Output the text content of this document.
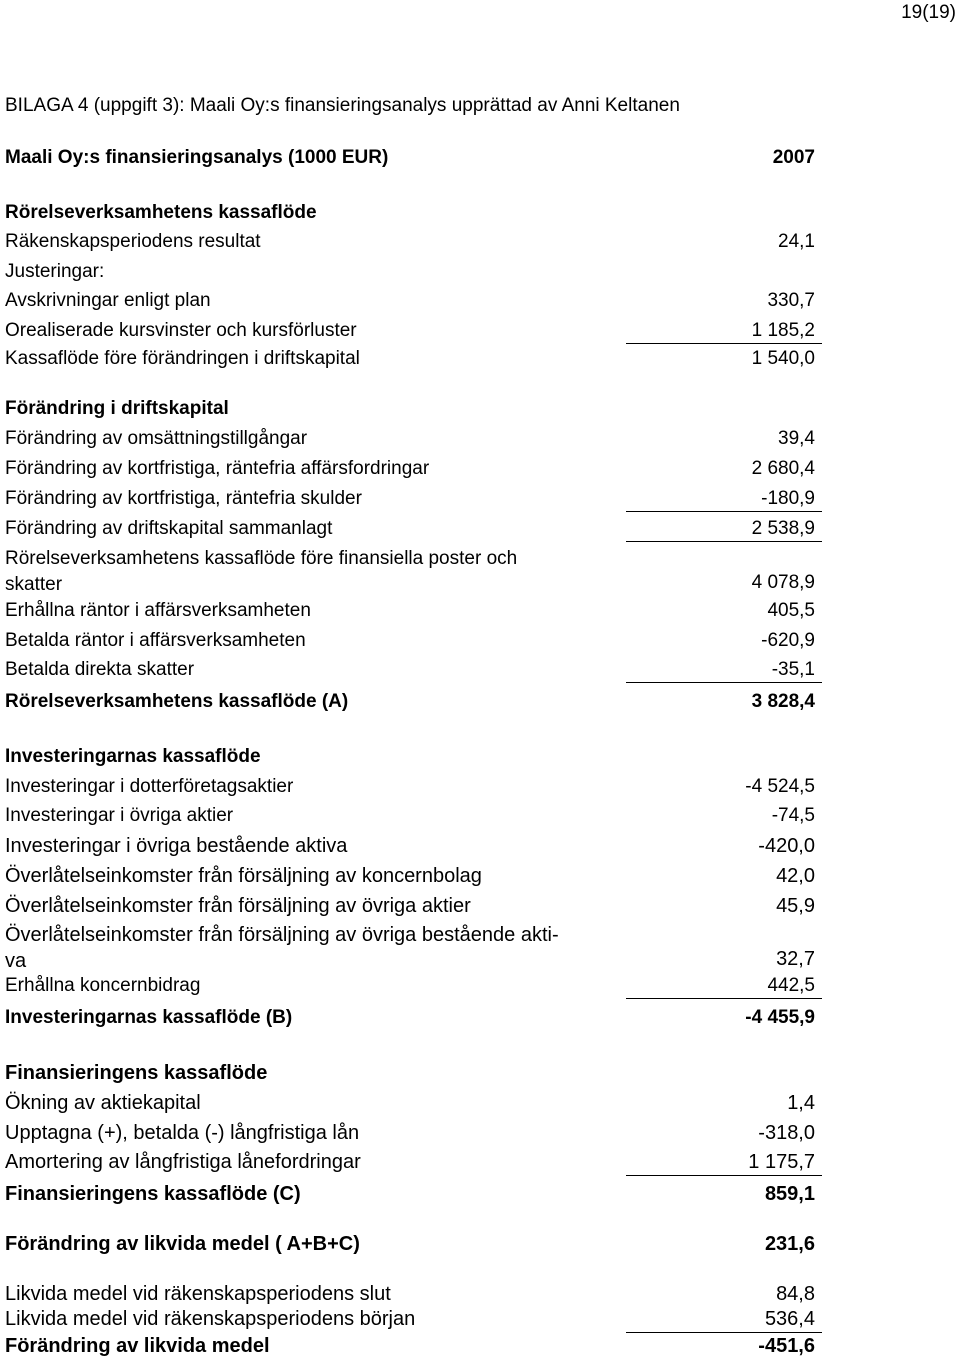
19(19)
BILAGA 4 (uppgift 3): Maali Oy:s finansieringsanalys upprättad av Anni Keltanen
Maali Oy:s finansieringsanalys (1000 EUR)	2007
Rörelseverksamhetens kassaflöde
Räkenskapsperiodens resultat	24,1
Justeringar:
Avskrivningar enligt plan	330,7
Orealiserade kursvinster och kursförluster	1 185,2
Kassaflöde före förändringen i driftskapital	1 540,0
Förändring i driftskapital
Förändring av omsättningstillgångar	39,4
Förändring av kortfristiga, räntefria affärsfordringar	2 680,4
Förändring av kortfristiga, räntefria skulder	-180,9
Förändring av driftskapital sammanlagt	2 538,9
Rörelseverksamhetens kassaflöde före finansiella poster och
skatter	4 078,9
Erhållna räntor i affärsverksamheten	405,5
Betalda räntor i affärsverksamheten	-620,9
Betalda direkta skatter	-35,1
Rörelseverksamhetens kassaflöde (A)	3 828,4
Investeringarnas kassaflöde
Investeringar i dotterföretagsaktier	-4 524,5
Investeringar i övriga aktier	-74,5
Investeringar i övriga bestående aktiva	-420,0
Överlåtelseinkomster från försäljning av koncernbolag	42,0
Överlåtelseinkomster från försäljning av övriga aktier	45,9
Överlåtelseinkomster från försäljning av övriga bestående akti-
va	32,7
Erhållna koncernbidrag	442,5
Investeringarnas kassaflöde (B)	-4 455,9
Finansieringens kassaflöde
Ökning av aktiekapital	1,4
Upptagna (+), betalda (-) långfristiga lån	-318,0
Amortering av långfristiga lånefordringar	1 175,7
Finansieringens kassaflöde (C)	859,1
Förändring av likvida medel ( A+B+C)	231,6
Likvida medel vid räkenskapsperiodens slut	84,8
Likvida medel vid räkenskapsperiodens början	536,4
Förändring av likvida medel	-451,6
